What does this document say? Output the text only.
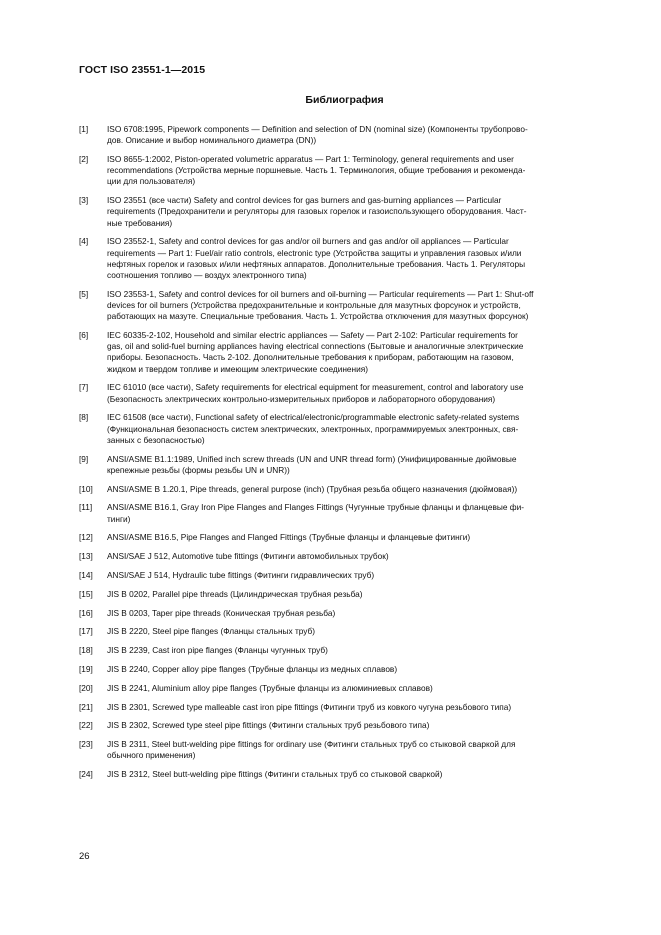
ГОСТ ISO 23551-1—2015
Библиография
[1]	ISO 6708:1995, Pipework components — Definition and selection of DN (nominal size) (Компоненты трубопрово-
дов. Описание и выбор номинального диаметра (DN))
[2]	ISO 8655-1:2002, Piston-operated volumetric apparatus — Part 1: Terminology, general requirements and user
recommendations (Устройства мерные поршневые. Часть 1. Терминология, общие требования и рекоменда-
ции для пользователя)
[3]	ISO 23551 (все части) Safety and control devices for gas burners and gas-burning appliances — Particular
requirements (Предохранители и регуляторы для газовых горелок и газоиспользующего оборудования. Част-
ные требования)
[4]	ISO 23552-1, Safety and control devices for gas and/or oil burners and gas and/or oil appliances — Particular
requirements — Part 1: Fuel/air ratio controls, electronic type (Устройства защиты и управления газовых и/или
нефтяных горелок и газовых и/или нефтяных аппаратов. Дополнительные требования. Часть 1. Регуляторы
соотношения топливо — воздух электронного типа)
[5]	ISO 23553-1, Safety and control devices for oil burners and oil-burning — Particular requirements — Part 1: Shut-off
devices for oil burners (Устройства предохранительные и контрольные для мазутных форсунок и устройств,
работающих на мазуте. Специальные требования. Часть 1. Устройства отключения для мазутных форсунок)
[6]	IEC 60335-2-102, Household and similar electric appliances — Safety — Part 2-102: Particular requirements for
gas, oil and solid-fuel burning appliances having electrical connections (Бытовые и аналогичные электрические
приборы. Безопасность. Часть 2-102. Дополнительные требования к приборам, работающим на газовом,
жидком и твердом топливе и имеющим электрические соединения)
[7]	IEC 61010 (все части), Safety requirements for electrical equipment for measurement, control and laboratory use
(Безопасность электрических контрольно-измерительных приборов и лабораторного оборудования)
[8]	IEC 61508 (все части), Functional safety of electrical/electronic/programmable electronic safety-related systems
(Функциональная безопасность систем электрических, электронных, программируемых электронных, свя-
занных с безопасностью)
[9]	ANSI/ASME B1.1:1989, Unified inch screw threads (UN and UNR thread form) (Унифицированные дюймовые
крепежные резьбы (формы резьбы UN и UNR))
[10]	ANSI/ASME B 1.20.1, Pipe threads, general purpose (inch) (Трубная резьба общего назначения (дюймовая))
[11]	ANSI/ASME B16.1, Gray Iron Pipe Flanges and Flanges Fittings (Чугунные трубные фланцы и фланцевые фи-
тинги)
[12]	ANSI/ASME B16.5, Pipe Flanges and Flanged Fittings (Трубные фланцы и фланцевые фитинги)
[13]	ANSI/SAE J 512, Automotive tube fittings (Фитинги автомобильных трубок)
[14]	ANSI/SAE J 514, Hydraulic tube fittings (Фитинги гидравлических труб)
[15]	JIS B 0202, Parallel pipe threads (Цилиндрическая трубная резьба)
[16]	JIS B 0203, Taper pipe threads (Коническая трубная резьба)
[17]	JIS B 2220, Steel pipe flanges (Фланцы стальных труб)
[18]	JIS B 2239, Cast iron pipe flanges (Фланцы чугунных труб)
[19]	JIS B 2240, Copper alloy pipe flanges (Трубные фланцы из медных сплавов)
[20]	JIS B 2241, Aluminium alloy pipe flanges (Трубные фланцы из алюминиевых сплавов)
[21]	JIS B 2301, Screwed type malleable cast iron pipe fittings (Фитинги труб из ковкого чугуна резьбового типа)
[22]	JIS B 2302, Screwed type steel pipe fittings (Фитинги стальных труб резьбового типа)
[23]	JIS B 2311, Steel butt-welding pipe fittings for ordinary use (Фитинги стальных труб со стыковой сваркой для
обычного применения)
[24]	JIS B 2312, Steel butt-welding pipe fittings (Фитинги стальных труб со стыковой сваркой)
26
